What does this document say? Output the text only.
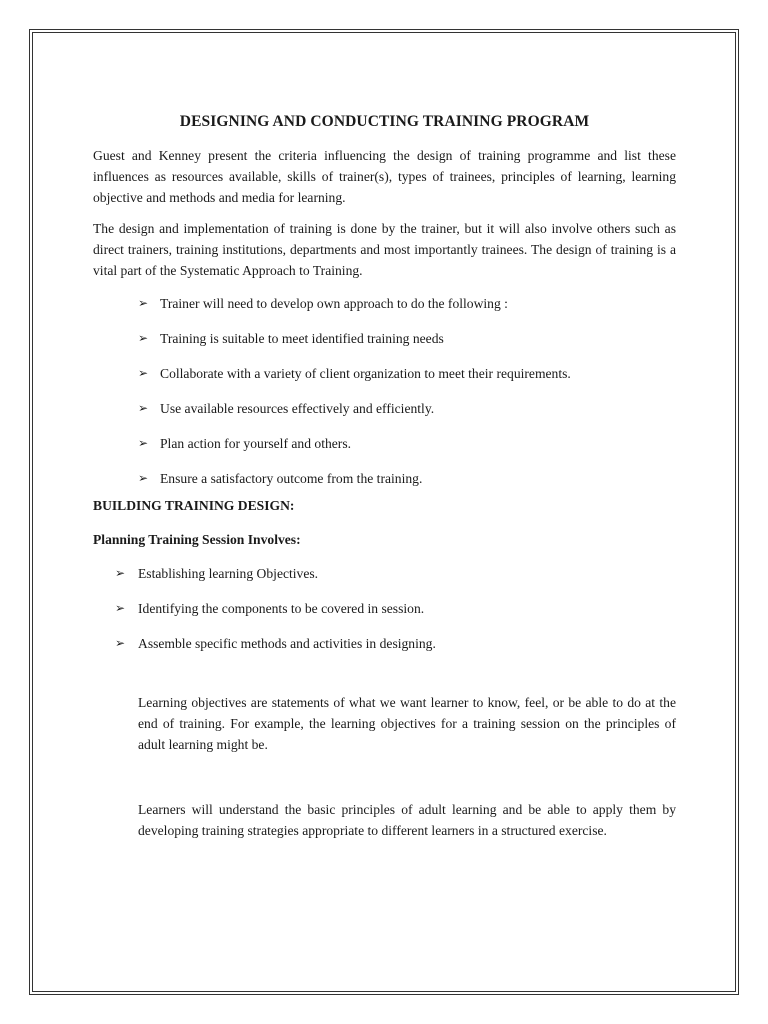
DESIGNING AND CONDUCTING TRAINING PROGRAM

Guest and Kenney present the criteria influencing the design of training programme and list these influences as resources available, skills of trainer(s), types of trainees, principles of learning, learning objective and methods and media for learning.

The design and implementation of training is done by the trainer, but it will also involve others such as direct trainers, training institutions, departments and most importantly trainees. The design of training is a vital part of the Systematic Approach to Training.

➢ Trainer will need to develop own approach to do the following :
➢ Training is suitable to meet identified training needs
➢ Collaborate with a variety of client organization to meet their requirements.
➢ Use available resources effectively and efficiently.
➢ Plan action for yourself and others.
➢ Ensure a satisfactory outcome from the training.
BUILDING TRAINING DESIGN:
Planning Training Session Involves:
➢ Establishing learning Objectives.
➢ Identifying the components to be covered in session.
➢ Assemble specific methods and activities in designing.

Learning objectives are statements of what we want learner to know, feel, or be able to do at the end of training. For example, the learning objectives for a training session on the principles of adult learning might be.

Learners will understand the basic principles of adult learning and be able to apply them by developing training strategies appropriate to different learners in a structured exercise.
